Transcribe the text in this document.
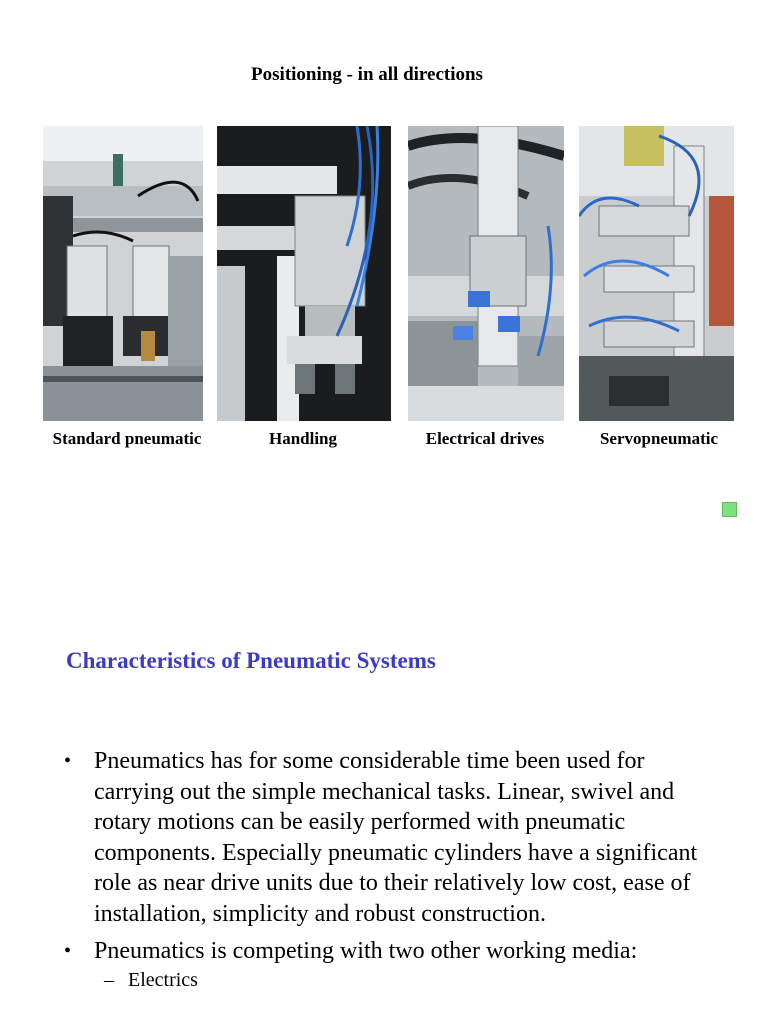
Positioning - in all directions
Standard pneumatic	Handling	Electrical drives	Servopneumatic
Characteristics of Pneumatic Systems
• Pneumatics has for some considerable time been used for carrying out the simple mechanical tasks. Linear, swivel and rotary motions can be easily performed with pneumatic components. Especially pneumatic cylinders have a significant role as near drive units due to their relatively low cost, ease of installation, simplicity and robust construction.
• Pneumatics is competing with two other working media:
– Electrics
